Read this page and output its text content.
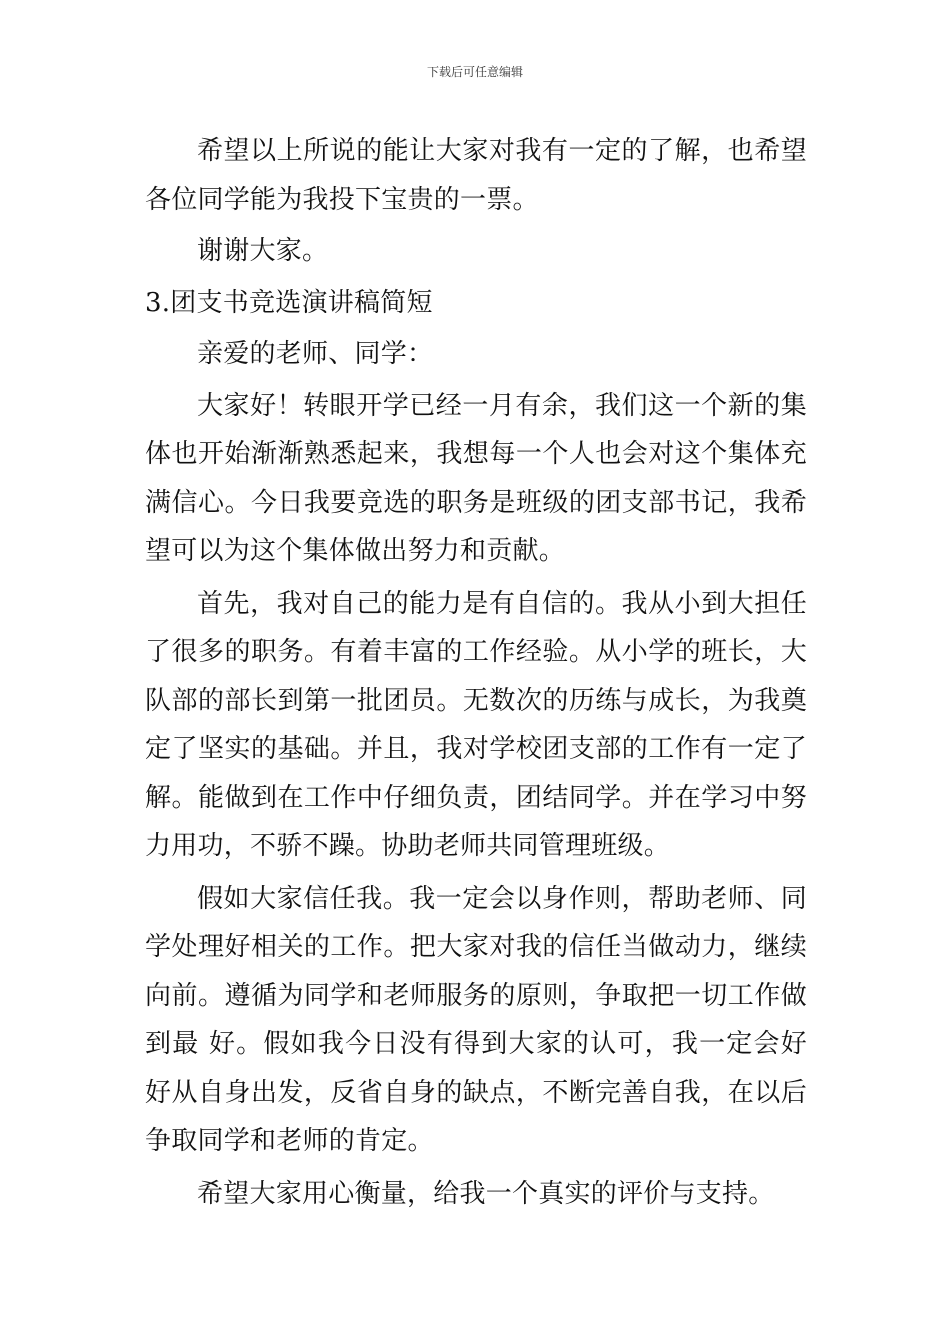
下载后可任意编辑

希望以上所说的能让大家对我有一定的了解，也希望各位同学能为我投下宝贵的一票。

谢谢大家。

3.团支书竞选演讲稿简短

亲爱的老师、同学：

大家好！转眼开学已经一月有余，我们这一个新的集体也开始渐渐熟悉起来，我想每一个人也会对这个集体充满信心。今日我要竞选的职务是班级的团支部书记，我希望可以为这个集体做出努力和贡献。

首先，我对自己的能力是有自信的。我从小到大担任了很多的职务。有着丰富的工作经验。从小学的班长，大队部的部长到第一批团员。无数次的历练与成长，为我奠定了坚实的基础。并且，我对学校团支部的工作有一定了解。能做到在工作中仔细负责，团结同学。并在学习中努力用功，不骄不躁。协助老师共同管理班级。

假如大家信任我。我一定会以身作则，帮助老师、同学处理好相关的工作。把大家对我的信任当做动力，继续向前。遵循为同学和老师服务的原则，争取把一切工作做到最 好。假如我今日没有得到大家的认可，我一定会好好从自身出发，反省自身的缺点，不断完善自我，在以后争取同学和老师的肯定。

希望大家用心衡量，给我一个真实的评价与支持。
